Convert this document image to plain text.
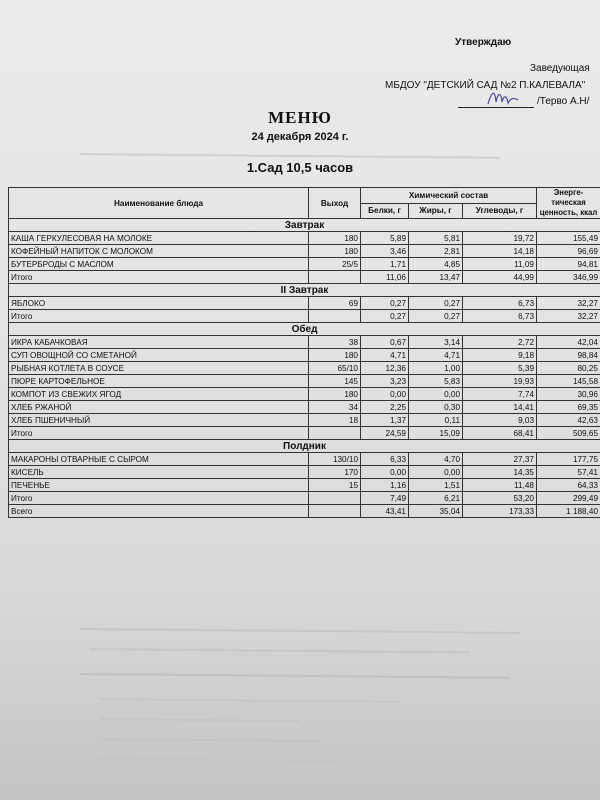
Утверждаю
Заведующая
МБДОУ "ДЕТСКИЙ САД №2 П.КАЛЕВАЛА"
/Терво А.Н/
МЕНЮ
24 декабря 2024 г.
1.Сад 10,5 часов
Наименование блюда	Выход	Химический состав			Энерге-тическая ценность, ккал
		Белки, г	Жиры, г	Углеводы, г	
Завтрак					
КАША ГЕРКУЛЕСОВАЯ НА МОЛОКЕ	180	5,89	5,81	19,72	155,49
КОФЕЙНЫЙ НАПИТОК С МОЛОКОМ	180	3,46	2,81	14,18	96,69
БУТЕРБРОДЫ С МАСЛОМ	25/5	1,71	4,85	11,09	94,81
Итого		11,06	13,47	44,99	346,99
II Завтрак					
ЯБЛОКО	69	0,27	0,27	6,73	32,27
Итого		0,27	0,27	6,73	32,27
Обед					
ИКРА КАБАЧКОВАЯ	38	0,67	3,14	2,72	42,04
СУП ОВОЩНОЙ СО СМЕТАНОЙ	180	4,71	4,71	9,18	98,84
РЫБНАЯ КОТЛЕТА В СОУСЕ	65/10	12,36	1,00	5,39	80,25
ПЮРЕ КАРТОФЕЛЬНОЕ	145	3,23	5,83	19,93	145,58
КОМПОТ ИЗ СВЕЖИХ ЯГОД	180	0,00	0,00	7,74	30,96
ХЛЕБ РЖАНОЙ	34	2,25	0,30	14,41	69,35
ХЛЕБ ПШЕНИЧНЫЙ	18	1,37	0,11	9,03	42,63
Итого		24,59	15,09	68,41	509,65
Полдник					
МАКАРОНЫ ОТВАРНЫЕ С СЫРОМ	130/10	6,33	4,70	27,37	177,75
КИСЕЛЬ	170	0,00	0,00	14,35	57,41
ПЕЧЕНЬЕ	15	1,16	1,51	11,48	64,33
Итого		7,49	6,21	53,20	299,49
Всего		43,41	35,04	173,33	1 188,40
